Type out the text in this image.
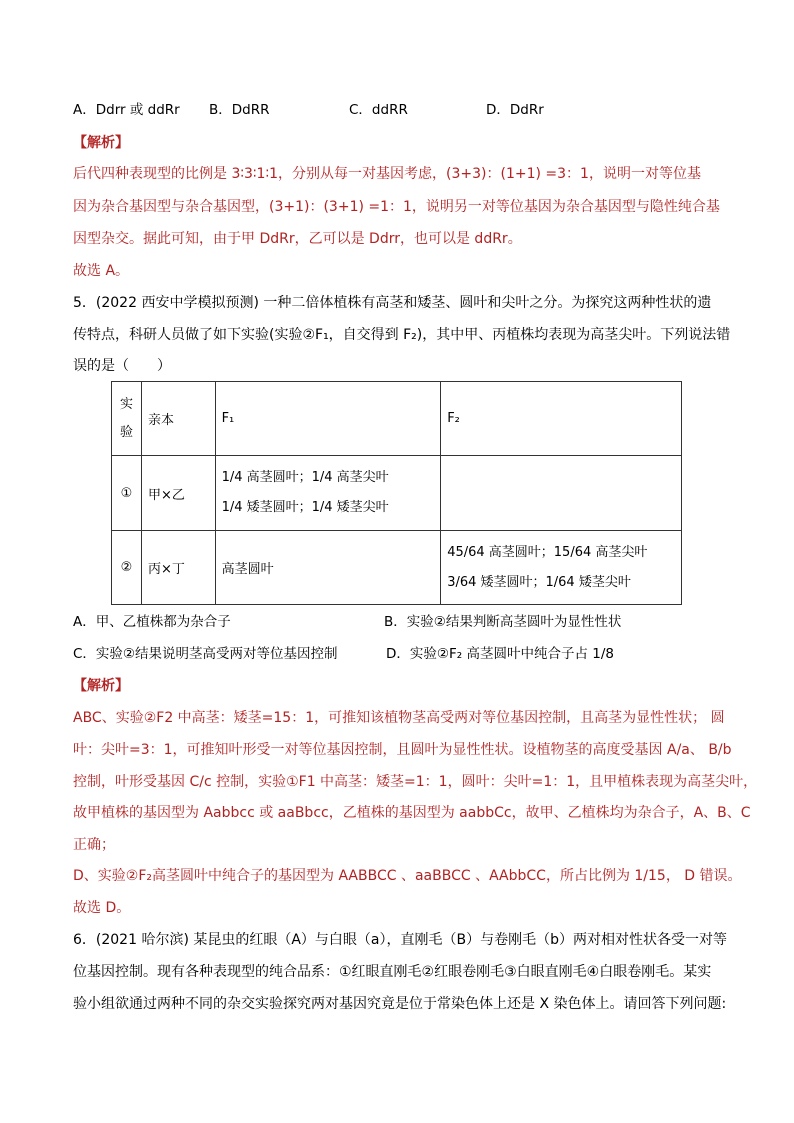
A．Ddrr 或 ddRr B．DdRR	C．ddRR	D．DdRr
【解析】
后代四种表现型的比例是 3∶3∶1∶1，分别从每一对基因考虑，(3+3)：(1+1) =3：1，说明一对等位基
因为杂合基因型与杂合基因型，(3+1)：(3+1) =1：1，说明另一对等位基因为杂合基因型与隐性纯合基
因型杂交。据此可知，由于甲 DdRr，乙可以是 Ddrr，也可以是 ddRr。
故选 A。
5．(2022 西安中学模拟预测) 一种二倍体植株有高茎和矮茎、圆叶和尖叶之分。为探究这两种性状的遗
传特点，科研人员做了如下实验(实验②F₁，自交得到 F₂)，其中甲、丙植株均表现为高茎尖叶。下列说法错
误的是（　　）
实
验	亲本	F₁	F₂
①	甲×乙	1/4 高茎圆叶；1/4 高茎尖叶
1/4 矮茎圆叶；1/4 矮茎尖叶	

②	丙×丁	高茎圆叶	45/64 高茎圆叶；15/64 高茎尖叶
3/64 矮茎圆叶；1/64 矮茎尖叶
A．甲、乙植株都为杂合子	B．实验②结果判断高茎圆叶为显性性状
C．实验②结果说明茎高受两对等位基因控制	D．实验②F₂ 高茎圆叶中纯合子占 1/8
【解析】
ABC、实验②F2 中高茎：矮茎=15：1，可推知该植物茎高受两对等位基因控制，且高茎为显性性状； 圆
叶：尖叶=3：1，可推知叶形受一对等位基因控制，且圆叶为显性性状。设植物茎的高度受基因 A/a、 B/b
控制，叶形受基因 C/c 控制，实验①F1 中高茎：矮茎=1：1，圆叶：尖叶=1：1，且甲植株表现为高茎尖叶，
故甲植株的基因型为 Aabbcc 或 aaBbcc，乙植株的基因型为 aabbCc，故甲、乙植株均为杂合子，A、B、C
正确；
D、实验②F₂高茎圆叶中纯合子的基因型为 AABBCC 、aaBBCC 、AAbbCC，所占比例为 1/15， D 错误。
故选 D。
6．(2021 哈尔滨) 某昆虫的红眼（A）与白眼（a），直刚毛（B）与卷刚毛（b）两对相对性状各受一对等
位基因控制。现有各种表现型的纯合品系：①红眼直刚毛②红眼卷刚毛③白眼直刚毛④白眼卷刚毛。某实
验小组欲通过两种不同的杂交实验探究两对基因究竟是位于常染色体上还是 X 染色体上。请回答下列问题:
